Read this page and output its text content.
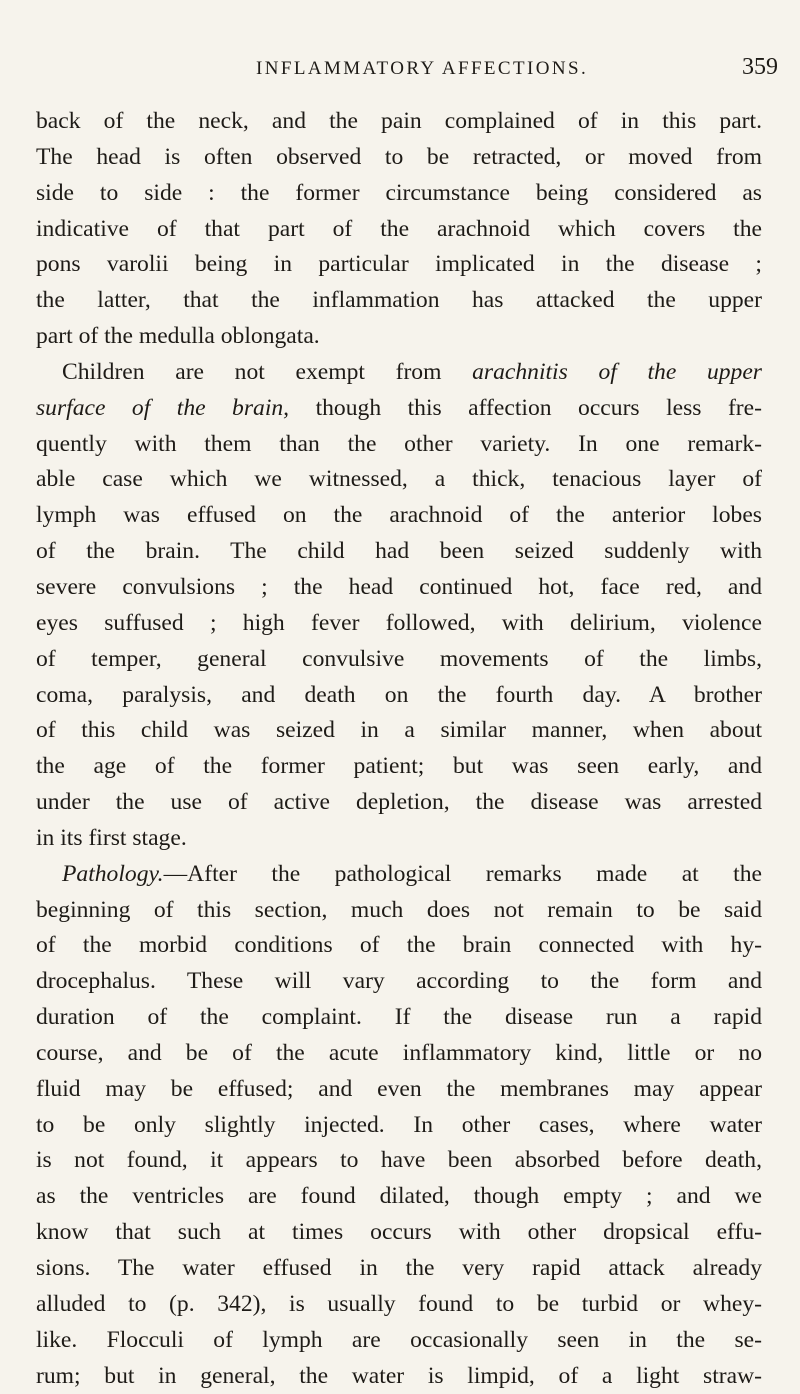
INFLAMMATORY AFFECTIONS.	359
back of the neck, and the pain complained of in this part.
The head is often observed to be retracted, or moved from
side to side : the former circumstance being considered as
indicative of that part of the arachnoid which covers the
pons varolii being in particular implicated in the disease ;
the latter, that the inflammation has attacked the upper
part of the medulla oblongata.
Children are not exempt from arachnitis of the upper
surface of the brain, though this affection occurs less fre-
quently with them than the other variety. In one remark-
able case which we witnessed, a thick, tenacious layer of
lymph was effused on the arachnoid of the anterior lobes
of the brain. The child had been seized suddenly with
severe convulsions ; the head continued hot, face red, and
eyes suffused ; high fever followed, with delirium, violence
of temper, general convulsive movements of the limbs,
coma, paralysis, and death on the fourth day. A brother
of this child was seized in a similar manner, when about
the age of the former patient; but was seen early, and
under the use of active depletion, the disease was arrested
in its first stage.
Pathology.—After the pathological remarks made at the
beginning of this section, much does not remain to be said
of the morbid conditions of the brain connected with hy-
drocephalus. These will vary according to the form and
duration of the complaint. If the disease run a rapid
course, and be of the acute inflammatory kind, little or no
fluid may be effused; and even the membranes may appear
to be only slightly injected. In other cases, where water
is not found, it appears to have been absorbed before death,
as the ventricles are found dilated, though empty ; and we
know that such at times occurs with other dropsical effu-
sions. The water effused in the very rapid attack already
alluded to (p. 342), is usually found to be turbid or whey-
like. Flocculi of lymph are occasionally seen in the se-
rum; but in general, the water is limpid, of a light straw-
